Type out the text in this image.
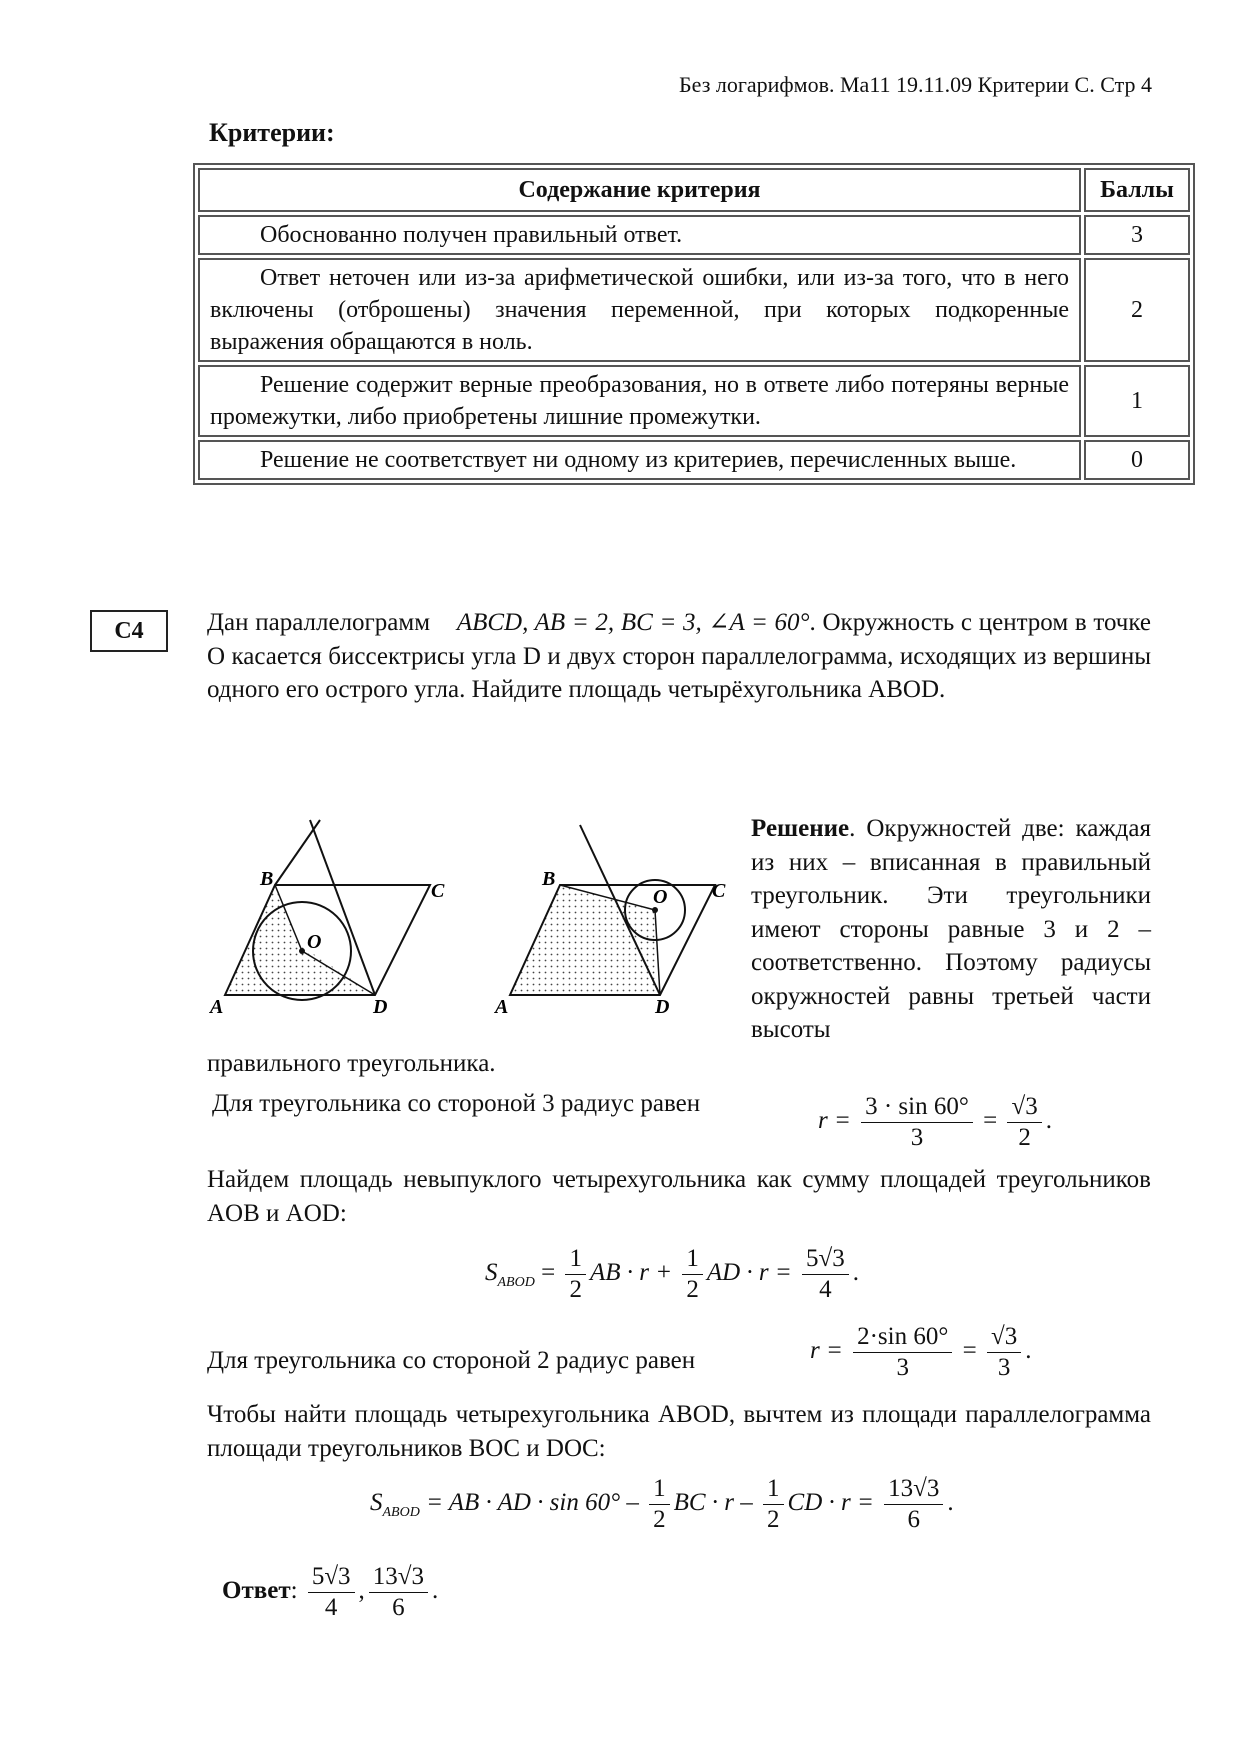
Без логарифмов. Ма11 19.11.09 Критерии С. Стр 4
Критерии:
Содержание критерия	Баллы
Обоснованно получен правильный ответ.	3
Ответ неточен или из-за арифметической ошибки, или из-за того, что в него включены (отброшены) значения переменной, при которых подкоренные выражения обращаются в ноль.	2
Решение содержит верные преобразования, но в ответе либо потеряны верные промежутки, либо приобретены лишние промежутки.	1
Решение не соответствует ни одному из критериев, перечисленных выше.	0
С4	Дан параллелограмм ABCD, AB = 2, BC = 3, ∠A = 60°. Окружность с центром в точке O касается биссектрисы угла D и двух сторон параллелограмма, исходящих из вершины одного его острого угла. Найдите площадь четырёхугольника ABOD.
A
B
C
D
O
A
B
C
D
O
Решение. Окружностей две: каждая из них – вписанная в правильный треугольник. Эти треугольники имеют стороны равные 3 и 2 – соответственно. Поэтому радиусы окружностей равны третьей части высоты
правильного треугольника.
Для треугольника со стороной 3 радиус равен
$r = \frac{3 \cdot \sin 60^\circ}{3} = \frac{√3}{2}$ .
Найдем площадь невыпуклого четырехугольника как сумму площадей треугольников AOB и AOD:
$S_{ABOD} = \frac{1}{2}$ AB · $r + \frac{1}{2}$ AD · $r = \frac{5√3}{4}$ .
Для треугольника со стороной 2 радиус равен	$r = \frac{2\cdot\sin 60^\circ}{3} = \frac{√3}{3}$ .
Чтобы найти площадь четырехугольника ABOD, вычтем из площади параллелограмма площади треугольников BOC и DOC:
$S_{ABOD}$ = AB · AD · $\sin 60^\circ - \frac{1}{2}$ BC · r – $\frac{1}{2}$ CD · $r = \frac{13√3}{6}$ .
Ответ: $\frac{5√3}{4}$ , $\frac{13√3}{6}$ .
